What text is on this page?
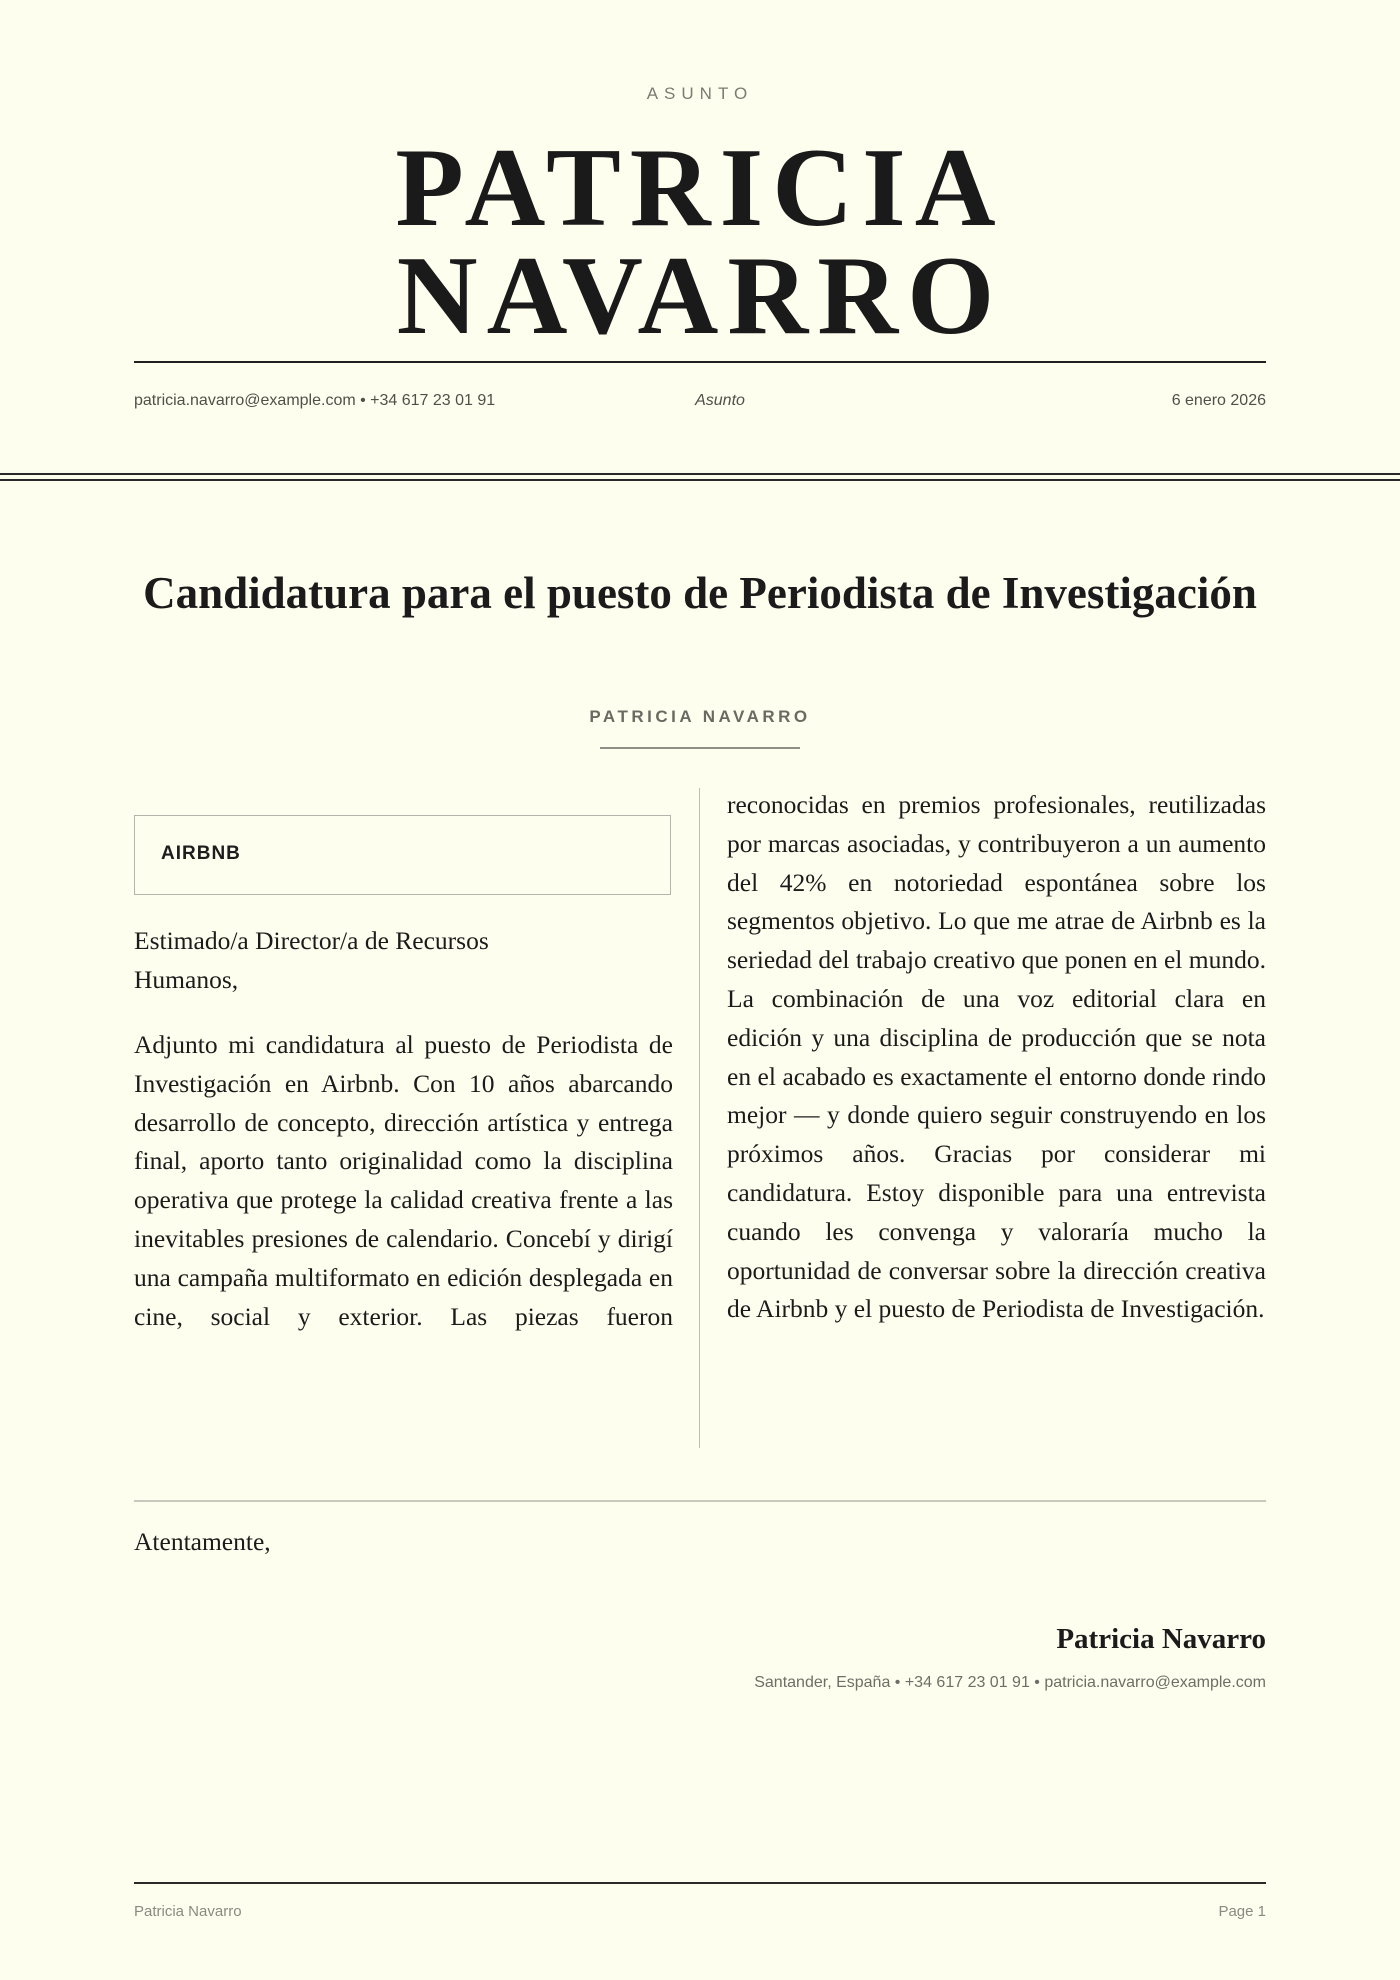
ASUNTO
PATRICIA
NAVARRO
patricia.navarro@example.com • +34 617 23 01 91	Asunto	6 enero 2026
Candidatura para el puesto de Periodista de Investigación
PATRICIA NAVARRO
AIRBNB
Estimado/a Director/a de Recursos Humanos,

Adjunto mi candidatura al puesto de Periodista de Investigación en Airbnb. Con 10 años abarcando desarrollo de concepto, dirección artística y entrega final, aporto tanto originalidad como la disciplina operativa que protege la calidad creativa frente a las inevitables presiones de calendario. Concebí y dirigí una campaña multiformato en edición desplegada en cine, social y exterior. Las piezas fueron

reconocidas en premios profesionales, reutilizadas por marcas asociadas, y contribuyeron a un aumento del 42% en notoriedad espontánea sobre los segmentos objetivo. Lo que me atrae de Airbnb es la seriedad del trabajo creativo que ponen en el mundo. La combinación de una voz editorial clara en edición y una disciplina de producción que se nota en el acabado es exactamente el entorno donde rindo mejor — y donde quiero seguir construyendo en los próximos años. Gracias por considerar mi candidatura. Estoy disponible para una entrevista cuando les convenga y valoraría mucho la oportunidad de conversar sobre la dirección creativa de Airbnb y el puesto de Periodista de Investigación.

Atentamente,
Patricia Navarro
Santander, España • +34 617 23 01 91 • patricia.navarro@example.com
Patricia Navarro	Page 1
